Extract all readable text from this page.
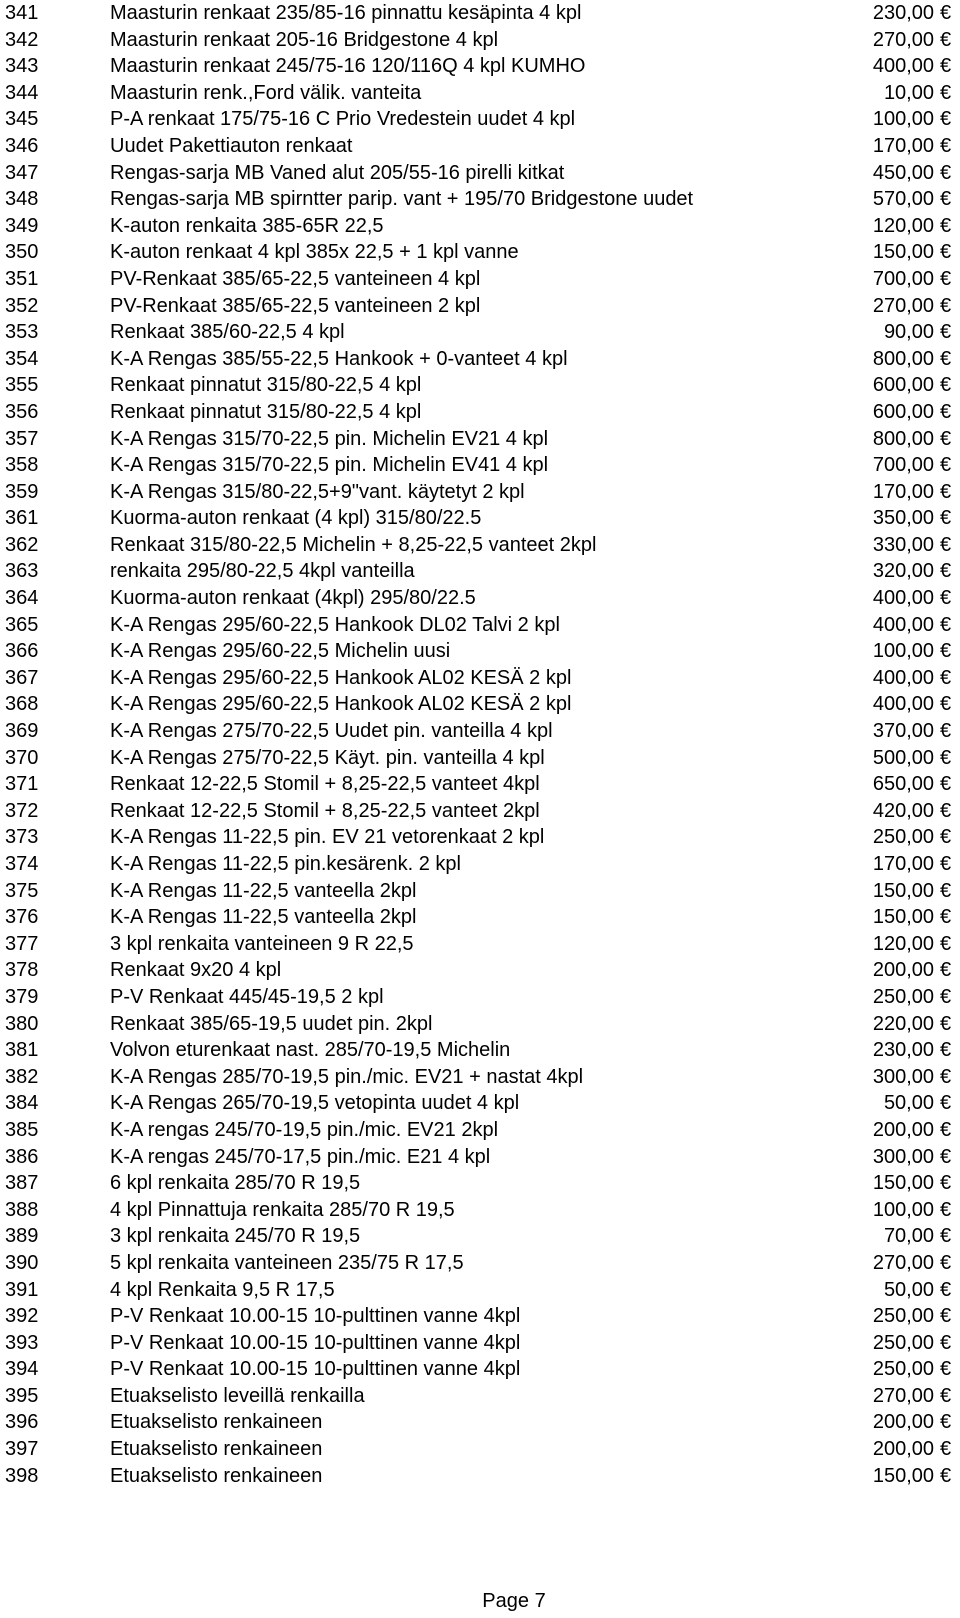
341	Maasturin renkaat 235/85-16 pinnattu kesäpinta 4 kpl	230,00 €
342	Maasturin renkaat 205-16 Bridgestone 4 kpl	270,00 €
343	Maasturin renkaat 245/75-16 120/116Q 4 kpl KUMHO	400,00 €
344	Maasturin renk.,Ford välik. vanteita	10,00 €
345	P-A renkaat 175/75-16 C Prio Vredestein uudet 4 kpl	100,00 €
346	Uudet Pakettiauton renkaat	170,00 €
347	Rengas-sarja MB Vaned alut 205/55-16 pirelli kitkat	450,00 €
348	Rengas-sarja MB spirntter parip. vant + 195/70 Bridgestone uudet	570,00 €
349	K-auton renkaita 385-65R 22,5	120,00 €
350	K-auton renkaat 4 kpl 385x 22,5 + 1 kpl vanne	150,00 €
351	PV-Renkaat 385/65-22,5 vanteineen 4 kpl	700,00 €
352	PV-Renkaat 385/65-22,5 vanteineen 2 kpl	270,00 €
353	Renkaat 385/60-22,5 4 kpl	90,00 €
354	K-A Rengas 385/55-22,5 Hankook + 0-vanteet 4 kpl	800,00 €
355	Renkaat pinnatut 315/80-22,5 4 kpl	600,00 €
356	Renkaat pinnatut 315/80-22,5 4 kpl	600,00 €
357	K-A Rengas 315/70-22,5 pin. Michelin EV21 4 kpl	800,00 €
358	K-A Rengas 315/70-22,5 pin. Michelin EV41 4 kpl	700,00 €
359	K-A Rengas 315/80-22,5+9"vant. käytetyt 2 kpl	170,00 €
361	Kuorma-auton renkaat (4 kpl) 315/80/22.5	350,00 €
362	Renkaat 315/80-22,5 Michelin + 8,25-22,5 vanteet 2kpl	330,00 €
363	renkaita 295/80-22,5 4kpl vanteilla	320,00 €
364	Kuorma-auton renkaat (4kpl) 295/80/22.5	400,00 €
365	K-A Rengas 295/60-22,5 Hankook DL02 Talvi 2 kpl	400,00 €
366	K-A Rengas 295/60-22,5 Michelin uusi	100,00 €
367	K-A Rengas 295/60-22,5 Hankook AL02 KESÄ 2 kpl	400,00 €
368	K-A Rengas 295/60-22,5 Hankook AL02 KESÄ 2 kpl	400,00 €
369	K-A Rengas 275/70-22,5 Uudet pin. vanteilla 4 kpl	370,00 €
370	K-A Rengas 275/70-22,5 Käyt. pin. vanteilla 4 kpl	500,00 €
371	Renkaat 12-22,5 Stomil + 8,25-22,5 vanteet 4kpl	650,00 €
372	Renkaat 12-22,5 Stomil + 8,25-22,5 vanteet 2kpl	420,00 €
373	K-A Rengas 11-22,5 pin. EV 21 vetorenkaat 2 kpl	250,00 €
374	K-A Rengas 11-22,5 pin.kesärenk. 2 kpl	170,00 €
375	K-A Rengas 11-22,5 vanteella 2kpl	150,00 €
376	K-A Rengas 11-22,5 vanteella 2kpl	150,00 €
377	3 kpl renkaita vanteineen 9 R 22,5	120,00 €
378	Renkaat 9x20 4 kpl	200,00 €
379	P-V Renkaat 445/45-19,5 2 kpl	250,00 €
380	Renkaat 385/65-19,5 uudet pin. 2kpl	220,00 €
381	Volvon eturenkaat nast. 285/70-19,5 Michelin	230,00 €
382	K-A Rengas 285/70-19,5 pin./mic. EV21 + nastat 4kpl	300,00 €
384	K-A Rengas 265/70-19,5 vetopinta uudet 4 kpl	50,00 €
385	K-A rengas 245/70-19,5 pin./mic. EV21 2kpl	200,00 €
386	K-A rengas 245/70-17,5 pin./mic. E21 4 kpl	300,00 €
387	6 kpl renkaita 285/70 R 19,5	150,00 €
388	4 kpl Pinnattuja renkaita 285/70 R 19,5	100,00 €
389	3 kpl renkaita 245/70 R 19,5	70,00 €
390	5 kpl renkaita vanteineen 235/75 R 17,5	270,00 €
391	4 kpl Renkaita 9,5 R 17,5	50,00 €
392	P-V Renkaat 10.00-15 10-pulttinen vanne 4kpl	250,00 €
393	P-V Renkaat 10.00-15 10-pulttinen vanne 4kpl	250,00 €
394	P-V Renkaat 10.00-15 10-pulttinen vanne 4kpl	250,00 €
395	Etuakselisto leveillä renkailla	270,00 €
396	Etuakselisto renkaineen	200,00 €
397	Etuakselisto renkaineen	200,00 €
398	Etuakselisto renkaineen	150,00 €
Page 7
